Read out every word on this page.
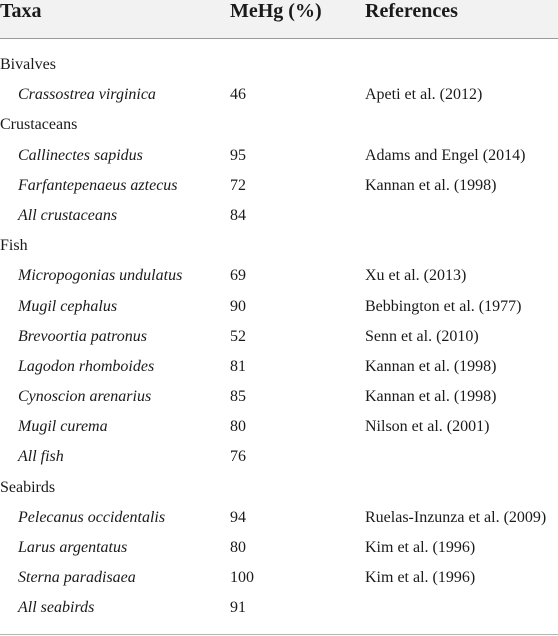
Taxa	MeHg (%) References
Bivalves
Crassostrea virginica	46	Apeti et al. (2012)
Crustaceans
Callinectes sapidus	95	Adams and Engel (2014)
Farfantepenaeus aztecus	72	Kannan et al. (1998)
All crustaceans	84
Fish
Micropogonias undulatus	69	Xu et al. (2013)
Mugil cephalus	90	Bebbington et al. (1977)
Brevoortia patronus	52	Senn et al. (2010)
Lagodon rhomboides	81	Kannan et al. (1998)
Cynoscion arenarius	85	Kannan et al. (1998)
Mugil curema	80	Nilson et al. (2001)
All fish	76
Seabirds
Pelecanus occidentalis	94	Ruelas-Inzunza et al. (2009)
Larus argentatus	80	Kim et al. (1996)
Sterna paradisaea	100	Kim et al. (1996)
All seabirds	91
